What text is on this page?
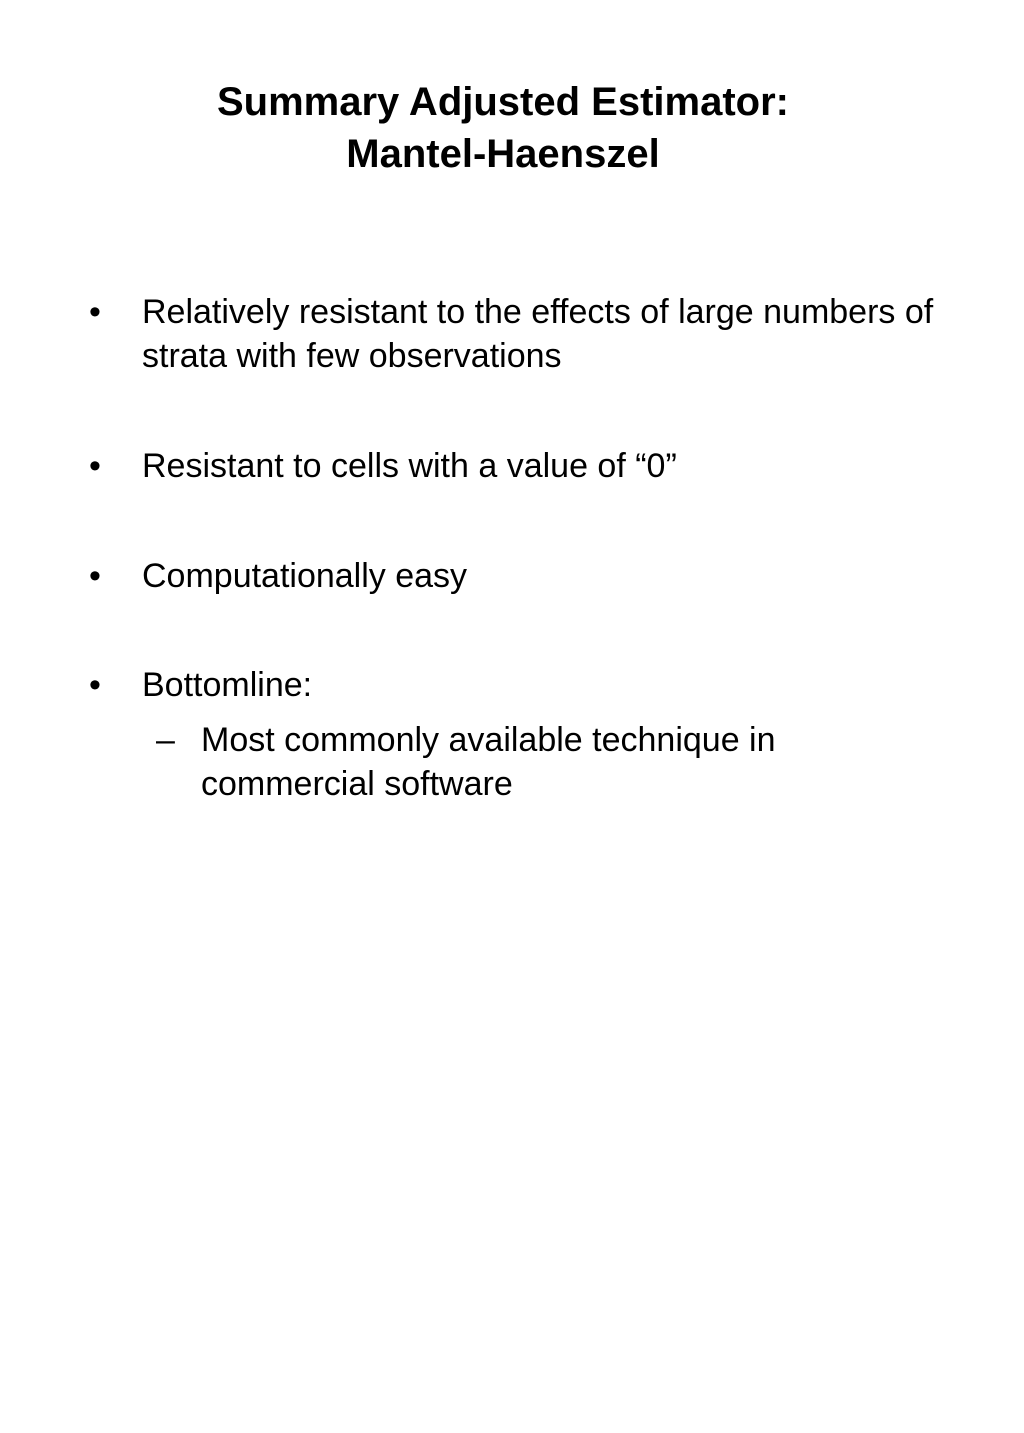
Summary Adjusted Estimator:
Mantel-Haenszel
• Relatively resistant to the effects of large numbers of strata with few observations
• Resistant to cells with a value of “0”
• Computationally easy
• Bottomline:
– Most commonly available technique in commercial software
